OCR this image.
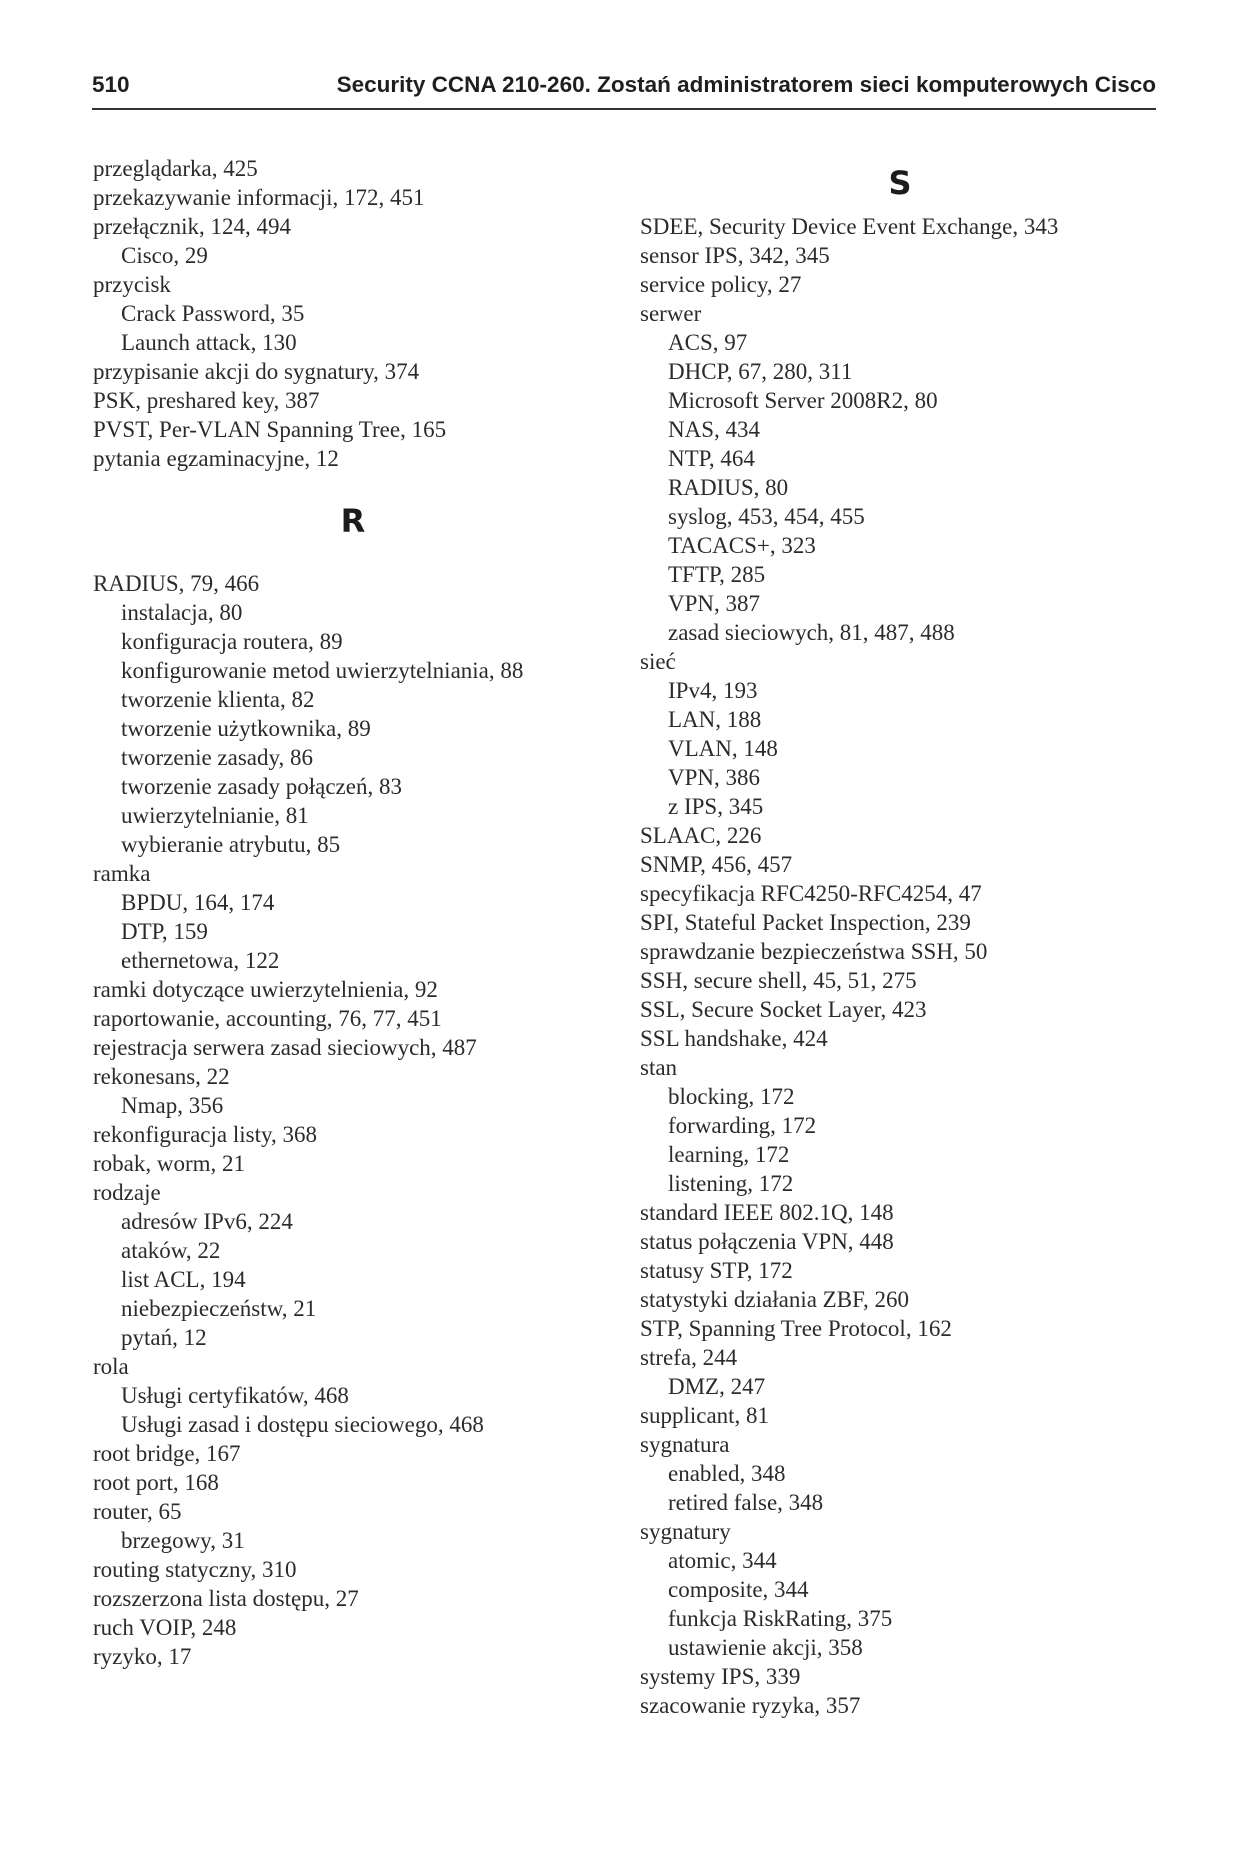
510	Security CCNA 210-260. Zostań administratorem sieci komputerowych Cisco
przeglądarka, 425
przekazywanie informacji, 172, 451
przełącznik, 124, 494
Cisco, 29
przycisk
Crack Password, 35
Launch attack, 130
przypisanie akcji do sygnatury, 374
PSK, preshared key, 387
PVST, Per-VLAN Spanning Tree, 165
pytania egzaminacyjne, 12
R
RADIUS, 79, 466
instalacja, 80
konfiguracja routera, 89
konfigurowanie metod uwierzytelniania, 88
tworzenie klienta, 82
tworzenie użytkownika, 89
tworzenie zasady, 86
tworzenie zasady połączeń, 83
uwierzytelnianie, 81
wybieranie atrybutu, 85
ramka
BPDU, 164, 174
DTP, 159
ethernetowa, 122
ramki dotyczące uwierzytelnienia, 92
raportowanie, accounting, 76, 77, 451
rejestracja serwera zasad sieciowych, 487
rekonesans, 22
Nmap, 356
rekonfiguracja listy, 368
robak, worm, 21
rodzaje
adresów IPv6, 224
ataków, 22
list ACL, 194
niebezpieczeństw, 21
pytań, 12
rola
Usługi certyfikatów, 468
Usługi zasad i dostępu sieciowego, 468
root bridge, 167
root port, 168
router, 65
brzegowy, 31
routing statyczny, 310
rozszerzona lista dostępu, 27
ruch VOIP, 248
ryzyko, 17
S
SDEE, Security Device Event Exchange, 343
sensor IPS, 342, 345
service policy, 27
serwer
ACS, 97
DHCP, 67, 280, 311
Microsoft Server 2008R2, 80
NAS, 434
NTP, 464
RADIUS, 80
syslog, 453, 454, 455
TACACS+, 323
TFTP, 285
VPN, 387
zasad sieciowych, 81, 487, 488
sieć
IPv4, 193
LAN, 188
VLAN, 148
VPN, 386
z IPS, 345
SLAAC, 226
SNMP, 456, 457
specyfikacja RFC4250-RFC4254, 47
SPI, Stateful Packet Inspection, 239
sprawdzanie bezpieczeństwa SSH, 50
SSH, secure shell, 45, 51, 275
SSL, Secure Socket Layer, 423
SSL handshake, 424
stan
blocking, 172
forwarding, 172
learning, 172
listening, 172
standard IEEE 802.1Q, 148
status połączenia VPN, 448
statusy STP, 172
statystyki działania ZBF, 260
STP, Spanning Tree Protocol, 162
strefa, 244
DMZ, 247
supplicant, 81
sygnatura
enabled, 348
retired false, 348
sygnatury
atomic, 344
composite, 344
funkcja RiskRating, 375
ustawienie akcji, 358
systemy IPS, 339
szacowanie ryzyka, 357
